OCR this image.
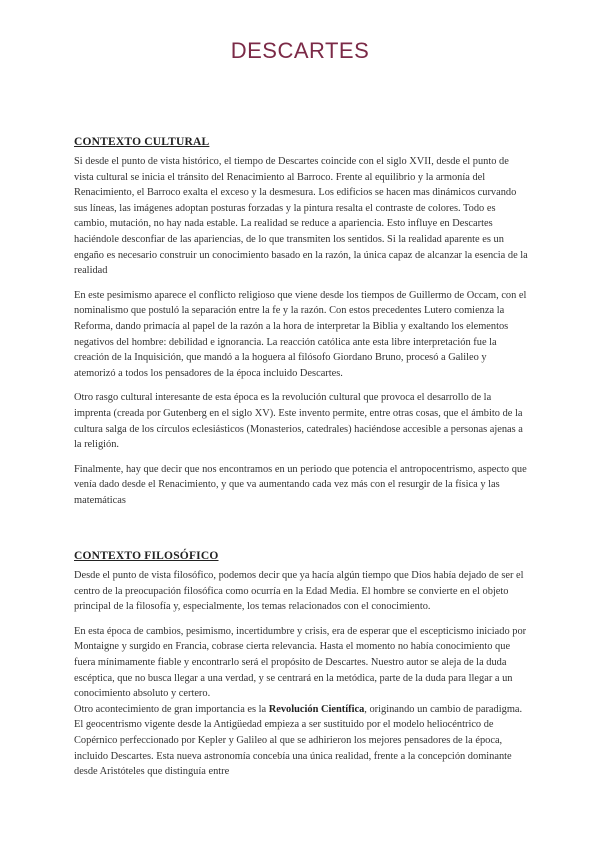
DESCARTES
CONTEXTO CULTURAL

Si desde el punto de vista histórico, el tiempo de Descartes coincide con el siglo XVII, desde el punto de vista cultural se inicia el tránsito del Renacimiento al Barroco. Frente al equilibrio y la armonía del Renacimiento, el Barroco exalta el exceso y la desmesura. Los edificios se hacen mas dinámicos curvando sus líneas, las imágenes adoptan posturas forzadas y la pintura resalta el contraste de colores. Todo es cambio, mutación, no hay nada estable. La realidad se reduce a apariencia. Esto influye en Descartes haciéndole desconfiar de las apariencias, de lo que transmiten los sentidos. Si la realidad aparente es un engaño es necesario construir un conocimiento basado en la razón, la única capaz de alcanzar la esencia de la realidad

En este pesimismo aparece el conflicto religioso que viene desde los tiempos de Guillermo de Occam, con el nominalismo que postuló la separación entre la fe y la razón. Con estos precedentes Lutero comienza la Reforma, dando primacía al papel de la razón a la hora de interpretar la Biblia y exaltando los elementos negativos del hombre: debilidad e ignorancia. La reacción católica ante esta libre interpretación fue la creación de la Inquisición, que mandó a la hoguera al filósofo Giordano Bruno, procesó a Galileo y atemorizó a todos los pensadores de la época incluido Descartes.

Otro rasgo cultural interesante de esta época es la revolución cultural que provoca el desarrollo de la imprenta (creada por Gutenberg en el siglo XV). Este invento permite, entre otras cosas, que el ámbito de la cultura salga de los círculos eclesiásticos (Monasterios, catedrales) haciéndose accesible a personas ajenas a la religión.

Finalmente, hay que decir que nos encontramos en un periodo que potencia el antropocentrismo, aspecto que venía dado desde el Renacimiento, y que va aumentando cada vez más con el resurgir de la física y las matemáticas

CONTEXTO FILOSÓFICO

Desde el punto de vista filosófico, podemos decir que ya hacía algún tiempo que Dios había dejado de ser el centro de la preocupación filosófica como ocurría en la Edad Media. El hombre se convierte en el objeto principal de la filosofía y, especialmente, los temas relacionados con el conocimiento.

En esta época de cambios, pesimismo, incertidumbre y crisis, era de esperar que el escepticismo iniciado por Montaigne y surgido en Francia, cobrase cierta relevancia. Hasta el momento no había conocimiento que fuera mínimamente fiable y encontrarlo será el propósito de Descartes. Nuestro autor se aleja de la duda escéptica, que no busca llegar a una verdad, y se centrará en la metódica, parte de la duda para llegar a un conocimiento absoluto y certero.

Otro acontecimiento de gran importancia es la Revolución Científica, originando un cambio de paradigma. El geocentrismo vigente desde la Antigüedad empieza a ser sustituido por el modelo heliocéntrico de Copérnico perfeccionado por Kepler y Galileo al que se adhirieron los mejores pensadores de la época, incluido Descartes. Esta nueva astronomía concebía una única realidad, frente a la concepción dominante desde Aristóteles que distinguía entre
